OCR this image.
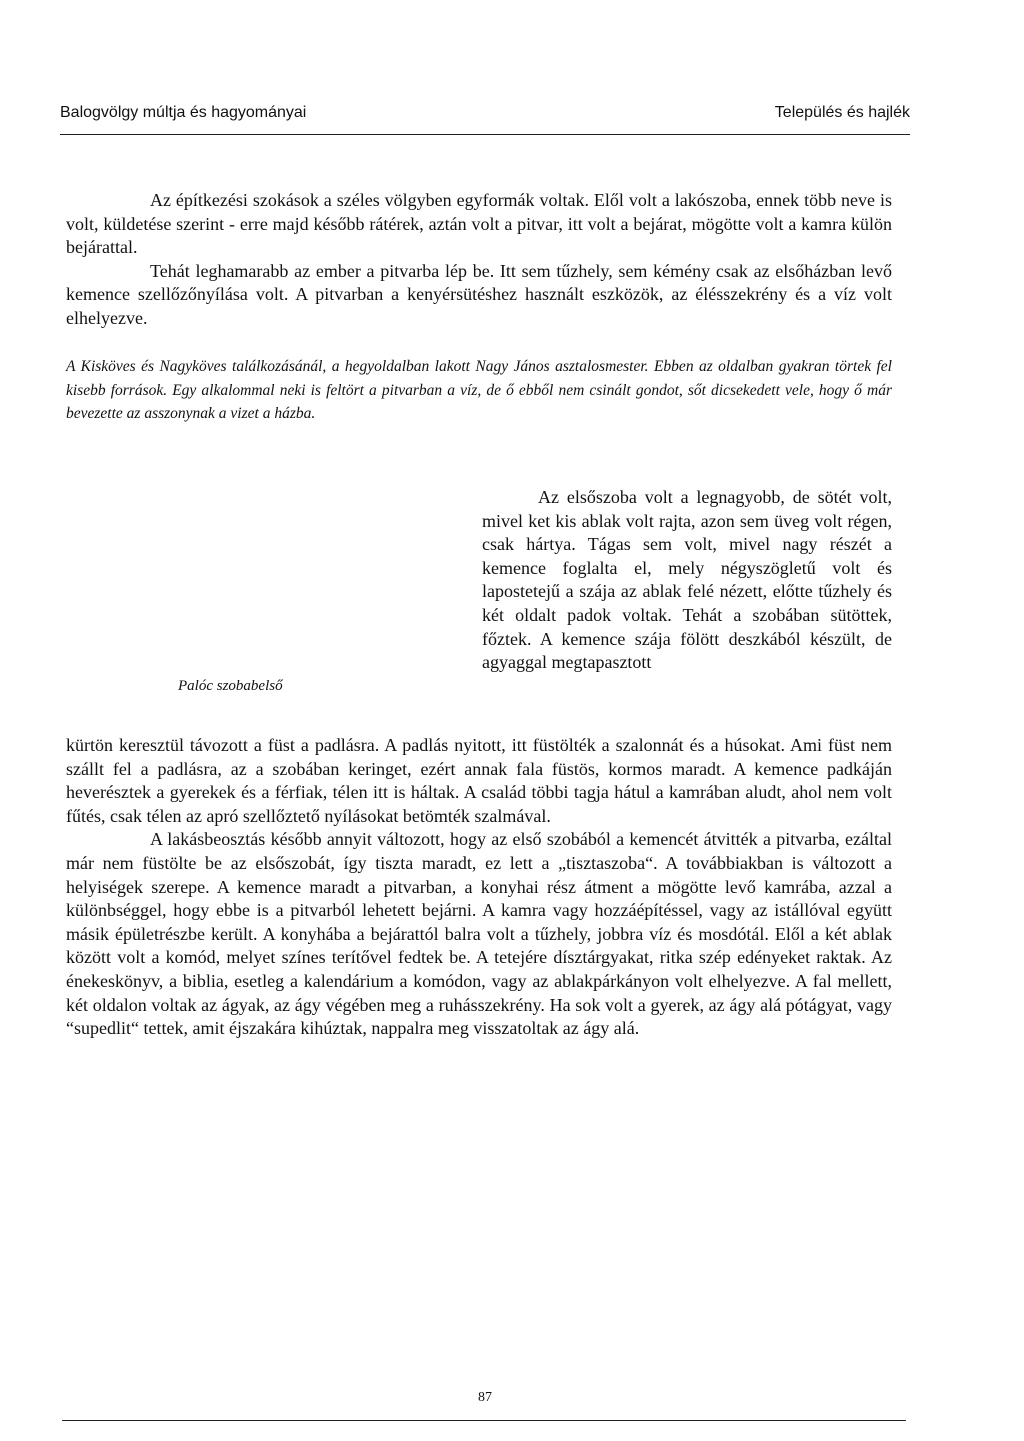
Balogvölgy múltja és hagyományai	Település és hajlék

Az építkezési szokások a széles völgyben egyformák voltak. Elől volt a lakószoba, ennek több neve is volt, küldetése szerint - erre majd később rátérek, aztán volt a pitvar, itt volt a bejárat, mögötte volt a kamra külön bejárattal.

Tehát leghamarabb az ember a pitvarba lép be. Itt sem tűzhely, sem kémény csak az elsőházban levő kemence szellőzőnyílása volt. A pitvarban a kenyérsütéshez használt eszközök, az élésszekrény és a víz volt elhelyezve.

A Kisköves és Nagyköves találkozásánál, a hegyoldalban lakott Nagy János asztalosmester. Ebben az oldalban gyakran törtek fel kisebb források. Egy alkalommal neki is feltört a pitvarban a víz, de ő ebből nem csinált gondot, sőt dicsekedett vele, hogy ő már bevezette az asszonynak a vizet a házba.

Palóc szobabelső

Az elsőszoba volt a legnagyobb, de sötét volt, mivel ket kis ablak volt rajta, azon sem üveg volt régen, csak hártya. Tágas sem volt, mivel nagy részét a kemence foglalta el, mely négyszögletű volt és lapostetejű a szája az ablak felé nézett, előtte tűzhely és két oldalt padok voltak. Tehát a szobában sütöttek, főztek. A kemence szája fölött deszkából készült, de agyaggal megtapasztott

kürtön keresztül távozott a füst a padlásra. A padlás nyitott, itt füstölték a szalonnát és a húsokat. Ami füst nem szállt fel a padlásra, az a szobában keringet, ezért annak fala füstös, kormos maradt. A kemence padkáján heverésztek a gyerekek és a férfiak, télen itt is háltak. A család többi tagja hátul a kamrában aludt, ahol nem volt fűtés, csak télen az apró szellőztető nyílásokat betömték szalmával.

A lakásbeosztás később annyit változott, hogy az első szobából a kemencét átvitték a pitvarba, ezáltal már nem füstölte be az elsőszobát, így tiszta maradt, ez lett a „tisztaszoba“. A továbbiakban is változott a helyiségek szerepe. A kemence maradt a pitvarban, a konyhai rész átment a mögötte levő kamrába, azzal a különbséggel, hogy ebbe is a pitvarból lehetett bejárni. A kamra vagy hozzáépítéssel, vagy az istállóval együtt másik épületrészbe került. A konyhába a bejárattól balra volt a tűzhely, jobbra víz és mosdótál. Elől a két ablak között volt a komód, melyet színes terítővel fedtek be. A tetejére dísztárgyakat, ritka szép edényeket raktak. Az énekeskönyv, a biblia, esetleg a kalendárium a komódon, vagy az ablakpárkányon volt elhelyezve. A fal mellett, két oldalon voltak az ágyak, az ágy végében meg a ruhásszekrény. Ha sok volt a gyerek, az ágy alá pótágyat, vagy “supedlit“ tettek, amit éjszakára kihúztak, nappalra meg visszatoltak az ágy alá.

87
